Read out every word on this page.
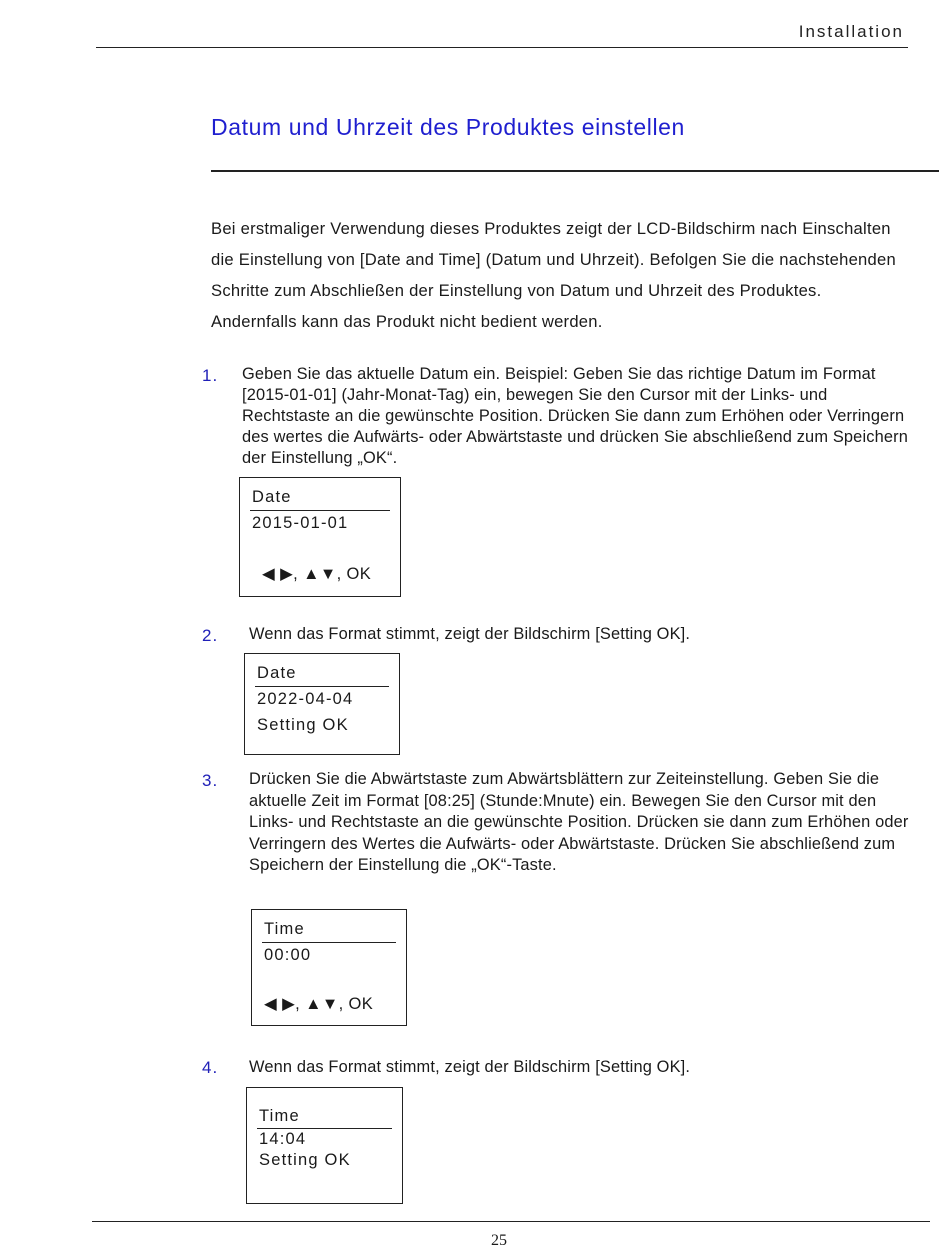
Installation
Datum und Uhrzeit des Produktes einstellen

Bei erstmaliger Verwendung dieses Produktes zeigt der LCD-Bildschirm nach Einschalten die Einstellung von [Date and Time] (Datum und Uhrzeit). Befolgen Sie die nachstehenden Schritte zum Abschließen der Einstellung von Datum und Uhrzeit des Produktes. Andernfalls kann das Produkt nicht bedient werden.

1. Geben Sie das aktuelle Datum ein. Beispiel: Geben Sie das richtige Datum im Format [2015-01-01] (Jahr-Monat-Tag) ein, bewegen Sie den Cursor mit der Links- und Rechtstaste an die gewünschte Position. Drücken Sie dann zum Erhöhen oder Verringern des wertes die Aufwärts- oder Abwärtstaste und drücken Sie abschließend zum Speichern der Einstellung „OK“.

Date
2015-01-01
◀ ▶, ▲▼, OK
2. Wenn das Format stimmt, zeigt der Bildschirm [Setting OK].

Date
2022-04-04
Setting OK
3. Drücken Sie die Abwärtstaste zum Abwärtsblättern zur Zeiteinstellung. Geben Sie die aktuelle Zeit im Format [08:25] (Stunde:Mnute) ein. Bewegen Sie den Cursor mit den Links- und Rechtstaste an die gewünschte Position. Drücken sie dann zum Erhöhen oder Verringern des Wertes die Aufwärts- oder Abwärtstaste. Drücken Sie abschließend zum Speichern der Einstellung die „OK“-Taste.

Time
00:00
◀ ▶, ▲▼, OK
4. Wenn das Format stimmt, zeigt der Bildschirm [Setting OK].

Time
14:04
Setting OK
25
